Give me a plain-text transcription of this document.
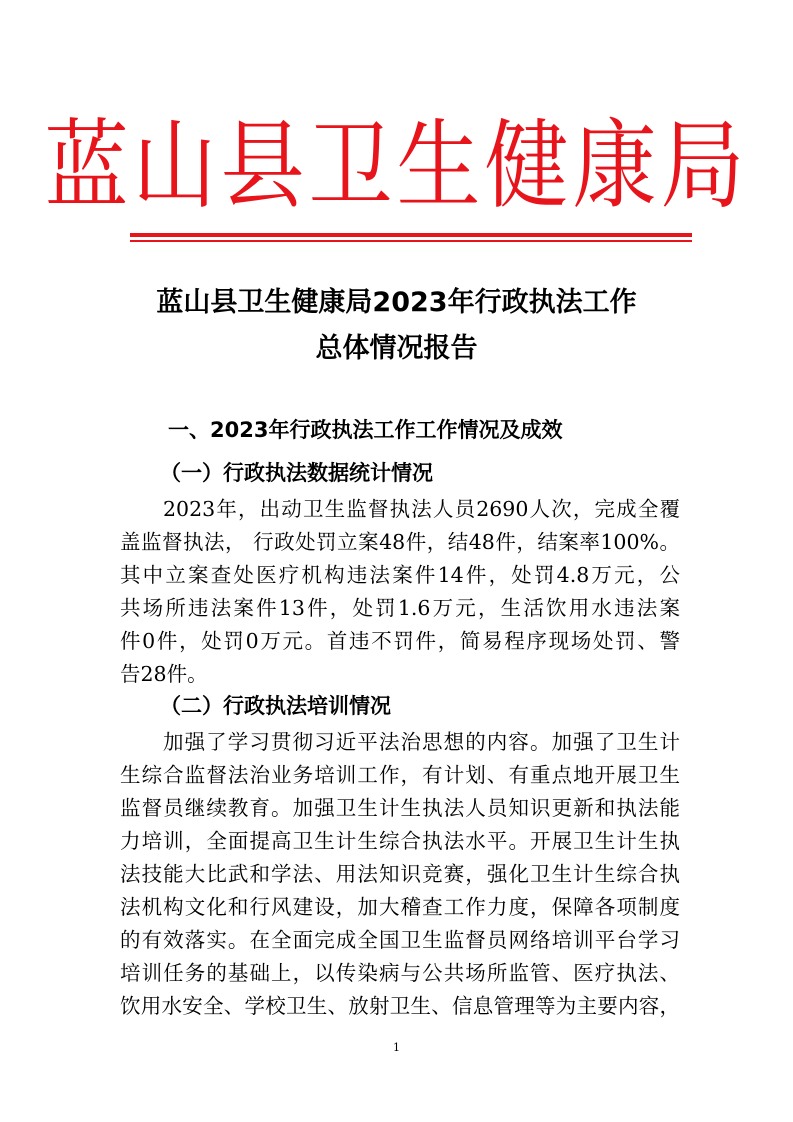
蓝山县卫生健康局
蓝山县卫生健康局2023年行政执法工作
总体情况报告
一、2023年行政执法工作工作情况及成效
（一）行政执法数据统计情况
2023年，出动卫生监督执法人员2690人次，完成全覆
盖监督执法， 行政处罚立案48件，结48件，结案率100%。
其中立案查处医疗机构违法案件14件，处罚4.8万元，公
共场所违法案件13件，处罚1.6万元，生活饮用水违法案
件0件，处罚0万元。首违不罚件，简易程序现场处罚、警
告28件。
（二）行政执法培训情况
加强了学习贯彻习近平法治思想的内容。加强了卫生计
生综合监督法治业务培训工作，有计划、有重点地开展卫生
监督员继续教育。加强卫生计生执法人员知识更新和执法能
力培训，全面提高卫生计生综合执法水平。开展卫生计生执
法技能大比武和学法、用法知识竞赛，强化卫生计生综合执
法机构文化和行风建设，加大稽查工作力度，保障各项制度
的有效落实。在全面完成全国卫生监督员网络培训平台学习
培训任务的基础上，以传染病与公共场所监管、医疗执法、
饮用水安全、学校卫生、放射卫生、信息管理等为主要内容，
1
